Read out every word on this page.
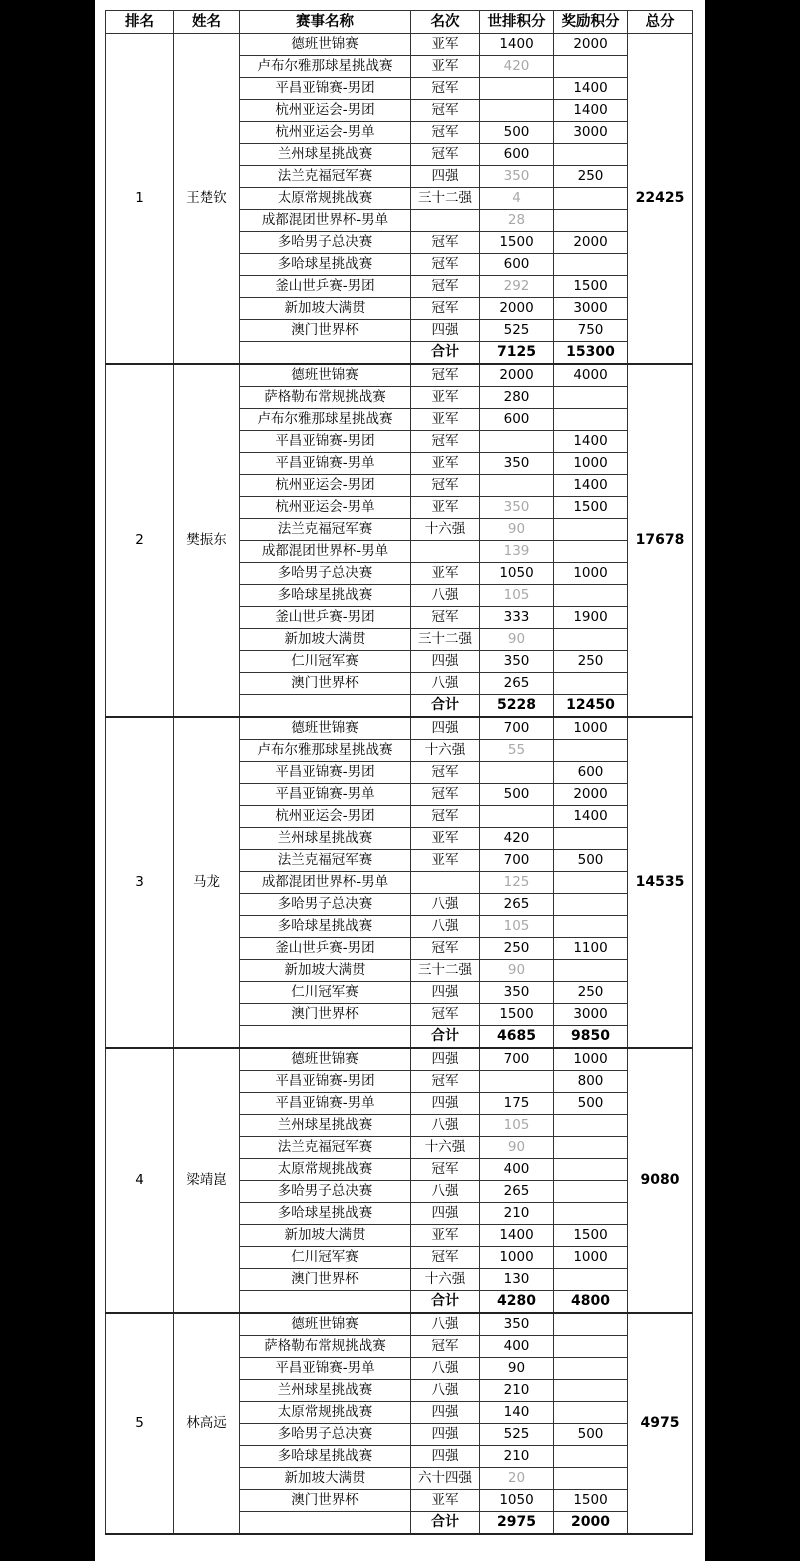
排名	姓名	赛事名称	名次	世排积分	奖励积分	总分
1	王楚钦	德班世锦赛	亚军	1400	2000	22425
		卢布尔雅那球星挑战赛	亚军	420		
		平昌亚锦赛-男团	冠军		1400	
		杭州亚运会-男团	冠军		1400	
		杭州亚运会-男单	冠军	500	3000	
		兰州球星挑战赛	冠军	600		
		法兰克福冠军赛	四强	350	250	
		太原常规挑战赛	三十二强	4		
		成都混团世界杯-男单		28		
		多哈男子总决赛	冠军	1500	2000	
		多哈球星挑战赛	冠军	600		
		釜山世乒赛-男团	冠军	292	1500	
		新加坡大满贯	冠军	2000	3000	
		澳门世界杯	四强	525	750	
			合计	7125	15300	
2	樊振东	德班世锦赛	冠军	2000	4000	17678
		萨格勒布常规挑战赛	亚军	280		
		卢布尔雅那球星挑战赛	亚军	600		
		平昌亚锦赛-男团	冠军		1400	
		平昌亚锦赛-男单	亚军	350	1000	
		杭州亚运会-男团	冠军		1400	
		杭州亚运会-男单	亚军	350	1500	
		法兰克福冠军赛	十六强	90		
		成都混团世界杯-男单		139		
		多哈男子总决赛	亚军	1050	1000	
		多哈球星挑战赛	八强	105		
		釜山世乒赛-男团	冠军	333	1900	
		新加坡大满贯	三十二强	90		
		仁川冠军赛	四强	350	250	
		澳门世界杯	八强	265		
			合计	5228	12450	
3	马龙	德班世锦赛	四强	700	1000	14535
		卢布尔雅那球星挑战赛	十六强	55		
		平昌亚锦赛-男团	冠军		600	
		平昌亚锦赛-男单	冠军	500	2000	
		杭州亚运会-男团	冠军		1400	
		兰州球星挑战赛	亚军	420		
		法兰克福冠军赛	亚军	700	500	
		成都混团世界杯-男单		125		
		多哈男子总决赛	八强	265		
		多哈球星挑战赛	八强	105		
		釜山世乒赛-男团	冠军	250	1100	
		新加坡大满贯	三十二强	90		
		仁川冠军赛	四强	350	250	
		澳门世界杯	冠军	1500	3000	
			合计	4685	9850	
4	梁靖崑	德班世锦赛	四强	700	1000	9080
		平昌亚锦赛-男团	冠军		800	
		平昌亚锦赛-男单	四强	175	500	
		兰州球星挑战赛	八强	105		
		法兰克福冠军赛	十六强	90		
		太原常规挑战赛	冠军	400		
		多哈男子总决赛	八强	265		
		多哈球星挑战赛	四强	210		
		新加坡大满贯	亚军	1400	1500	
		仁川冠军赛	冠军	1000	1000	
		澳门世界杯	十六强	130		
			合计	4280	4800	
5	林高远	德班世锦赛	八强	350		4975
		萨格勒布常规挑战赛	冠军	400		
		平昌亚锦赛-男单	八强	90		
		兰州球星挑战赛	八强	210		
		太原常规挑战赛	四强	140		
		多哈男子总决赛	四强	525	500	
		多哈球星挑战赛	四强	210		
		新加坡大满贯	六十四强	20		
		澳门世界杯	亚军	1050	1500	
			合计	2975	2000	
